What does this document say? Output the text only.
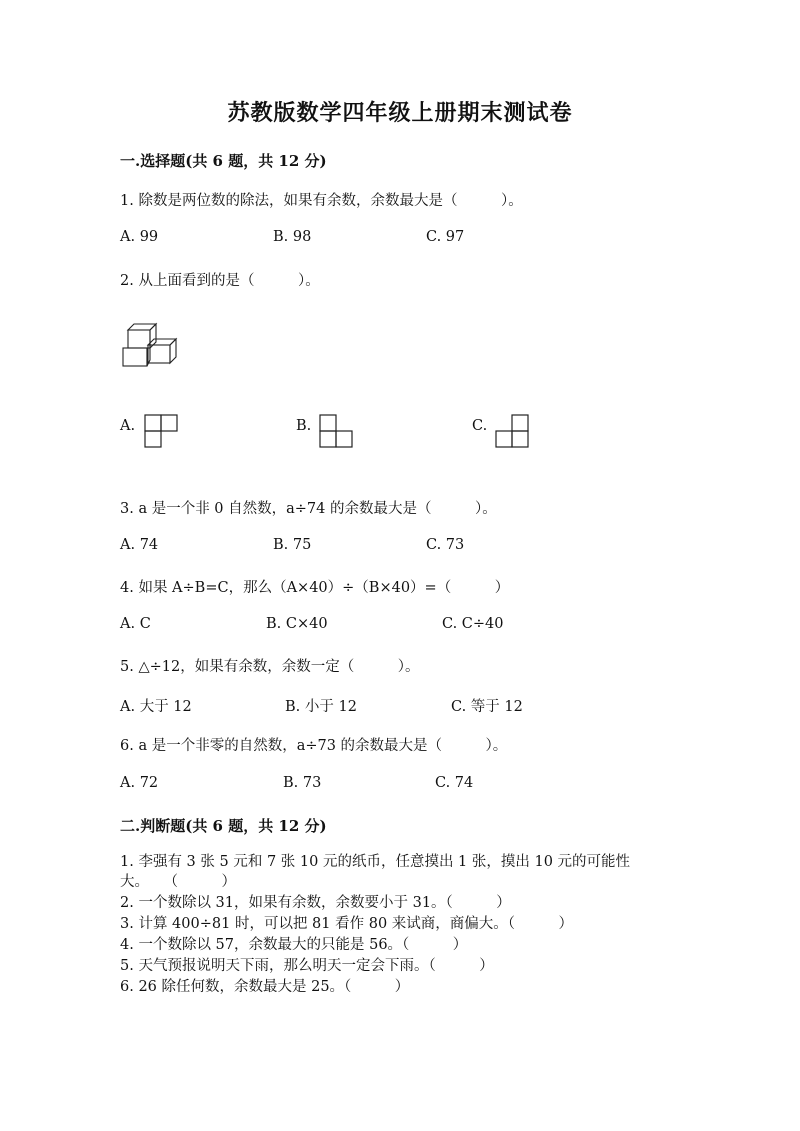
苏教版数学四年级上册期末测试卷
一.选择题(共 6 题，共 12 分)
1. 除数是两位数的除法，如果有余数，余数最大是（　　　）。
A. 99	B. 98	C. 97
2. 从上面看到的是（　　　）。
A.	B.	C.
3. a 是一个非 0 自然数，a÷74 的余数最大是（　　　）。
A. 74	B. 75	C. 73
4. 如果 A÷B=C，那么（A×40）÷（B×40）=（　　　）
A. C	B. C×40	C. C÷40
5. △÷12，如果有余数，余数一定（　　　）。
A. 大于 12	B. 小于 12	C. 等于 12
6. a 是一个非零的自然数，a÷73 的余数最大是（　　　）。
A. 72	B. 73	C. 74
二.判断题(共 6 题，共 12 分)
1. 李强有 3 张 5 元和 7 张 10 元的纸币，任意摸出 1 张，摸出 10 元的可能性
大。　　（　　　）
2. 一个数除以 31，如果有余数，余数要小于 31。（　　　）
3. 计算 400÷81 时，可以把 81 看作 80 来试商，商偏大。（　　　）
4. 一个数除以 57，余数最大的只能是 56。（　　　）
5. 天气预报说明天下雨，那么明天一定会下雨。（　　　）
6. 26 除任何数，余数最大是 25。（　　　）
